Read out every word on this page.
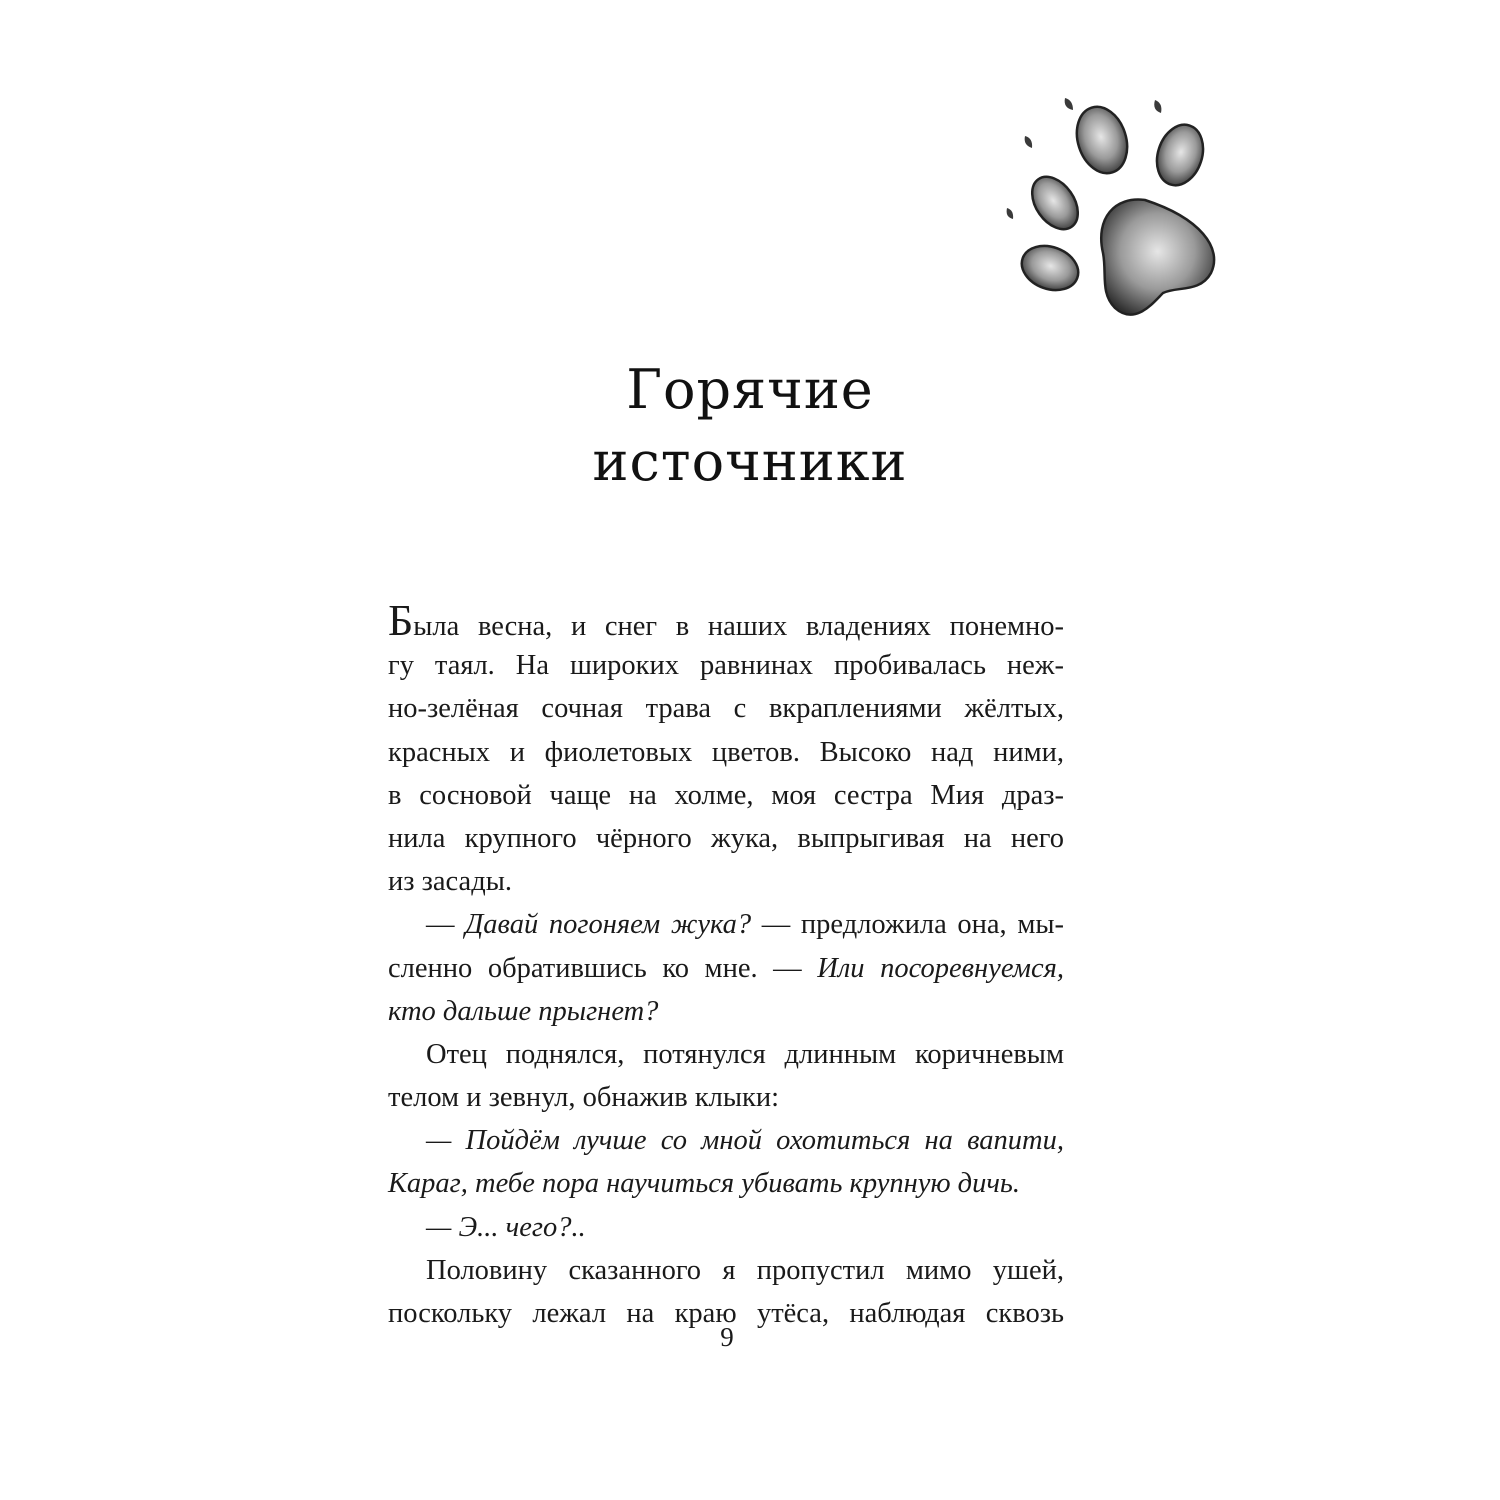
Горячие
источники
Была весна, и снег в наших владениях понемно-
гу таял. На широких равнинах пробивалась неж-
но-зелёная сочная трава с вкраплениями жёлтых,
красных и фиолетовых цветов. Высоко над ними,
в сосновой чаще на холме, моя сестра Мия драз-
нила крупного чёрного жука, выпрыгивая на него
из засады.
— Давай погоняем жука? — предложила она, мы-
сленно обратившись ко мне. — Или посоревнуемся,
кто дальше прыгнет?
Отец поднялся, потянулся длинным коричневым
телом и зевнул, обнажив клыки:
— Пойдём лучше со мной охотиться на вапити,
Караг, тебе пора научиться убивать крупную дичь.
— Э... чего?..
Половину сказанного я пропустил мимо ушей,
поскольку лежал на краю утёса, наблюдая сквозь
9
